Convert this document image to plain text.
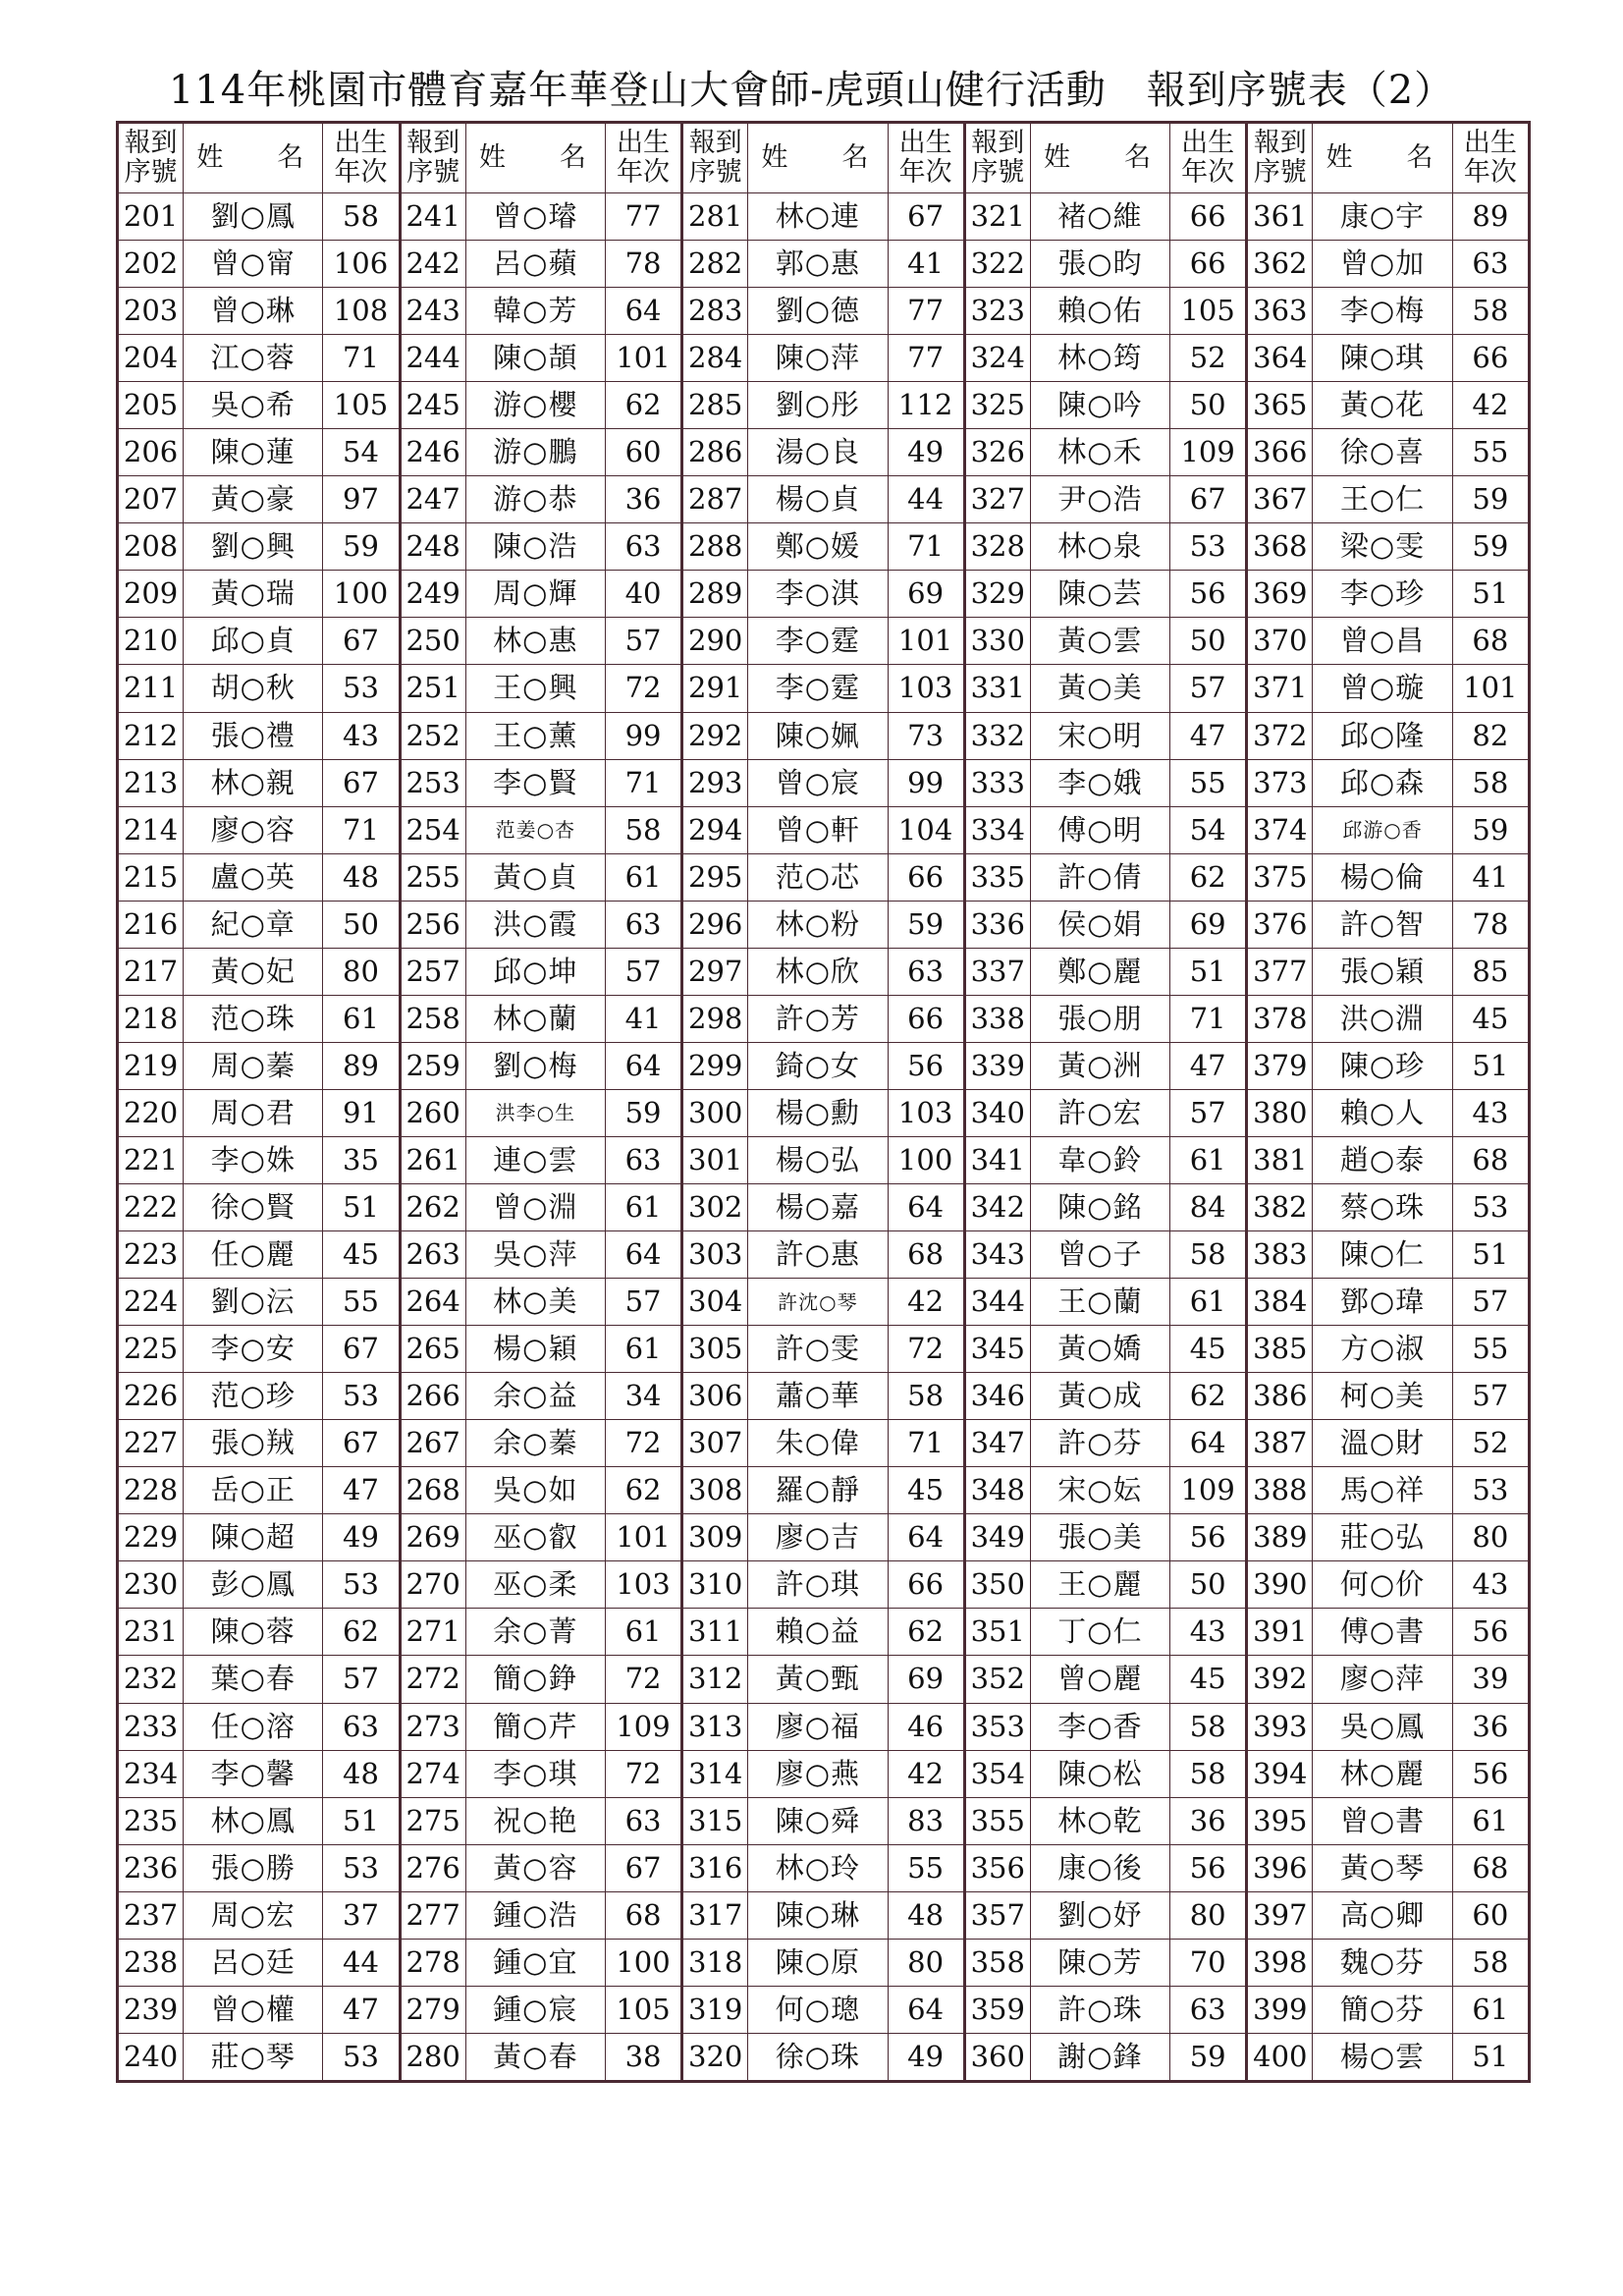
114年桃園市體育嘉年華登山大會師-虎頭山健行活動　報到序號表（2）
報到序號	姓　名	出生年次	報到序號	姓　名	出生年次	報到序號	姓　名	出生年次	報到序號	姓　名	出生年次	報到序號	姓　名	出生年次
201	劉○鳳	58	241	曾○璿	77	281	林○連	67	321	褚○維	66	361	康○宇	89
202	曾○甯	106	242	呂○蘋	78	282	郭○惠	41	322	張○昀	66	362	曾○加	63
203	曾○琳	108	243	韓○芳	64	283	劉○德	77	323	賴○佑	105	363	李○梅	58
204	江○蓉	71	244	陳○頡	101	284	陳○萍	77	324	林○筠	52	364	陳○琪	66
205	吳○希	105	245	游○櫻	62	285	劉○彤	112	325	陳○吟	50	365	黃○花	42
206	陳○蓮	54	246	游○鵬	60	286	湯○良	49	326	林○禾	109	366	徐○喜	55
207	黃○豪	97	247	游○恭	36	287	楊○貞	44	327	尹○浩	67	367	王○仁	59
208	劉○興	59	248	陳○浩	63	288	鄭○媛	71	328	林○泉	53	368	梁○雯	59
209	黃○瑞	100	249	周○輝	40	289	李○淇	69	329	陳○芸	56	369	李○珍	51
210	邱○貞	67	250	林○惠	57	290	李○霆	101	330	黃○雲	50	370	曾○昌	68
211	胡○秋	53	251	王○興	72	291	李○霆	103	331	黃○美	57	371	曾○璇	101
212	張○禮	43	252	王○薰	99	292	陳○姵	73	332	宋○明	47	372	邱○隆	82
213	林○親	67	253	李○賢	71	293	曾○宸	99	333	李○娥	55	373	邱○森	58
214	廖○容	71	254	范姜○杏	58	294	曾○軒	104	334	傅○明	54	374	邱游○香	59
215	盧○英	48	255	黃○貞	61	295	范○芯	66	335	許○倩	62	375	楊○倫	41
216	紀○章	50	256	洪○霞	63	296	林○粉	59	336	侯○娟	69	376	許○智	78
217	黃○妃	80	257	邱○坤	57	297	林○欣	63	337	鄭○麗	51	377	張○穎	85
218	范○珠	61	258	林○蘭	41	298	許○芳	66	338	張○朋	71	378	洪○淵	45
219	周○蓁	89	259	劉○梅	64	299	錡○女	56	339	黃○洲	47	379	陳○珍	51
220	周○君	91	260	洪李○生	59	300	楊○勳	103	340	許○宏	57	380	賴○人	43
221	李○姝	35	261	連○雲	63	301	楊○弘	100	341	韋○鈴	61	381	趙○泰	68
222	徐○賢	51	262	曾○淵	61	302	楊○嘉	64	342	陳○銘	84	382	蔡○珠	53
223	任○麗	45	263	吳○萍	64	303	許○惠	68	343	曾○子	58	383	陳○仁	51
224	劉○沄	55	264	林○美	57	304	許沈○琴	42	344	王○蘭	61	384	鄧○瑋	57
225	李○安	67	265	楊○穎	61	305	許○雯	72	345	黃○嬌	45	385	方○淑	55
226	范○珍	53	266	余○益	34	306	蕭○華	58	346	黃○成	62	386	柯○美	57
227	張○羢	67	267	余○蓁	72	307	朱○偉	71	347	許○芬	64	387	溫○財	52
228	岳○正	47	268	吳○如	62	308	羅○靜	45	348	宋○妘	109	388	馬○祥	53
229	陳○超	49	269	巫○叡	101	309	廖○吉	64	349	張○美	56	389	莊○弘	80
230	彭○鳳	53	270	巫○柔	103	310	許○琪	66	350	王○麗	50	390	何○价	43
231	陳○蓉	62	271	余○菁	61	311	賴○益	62	351	丁○仁	43	391	傅○書	56
232	葉○春	57	272	簡○錚	72	312	黃○甄	69	352	曾○麗	45	392	廖○萍	39
233	任○溶	63	273	簡○芹	109	313	廖○福	46	353	李○香	58	393	吳○鳳	36
234	李○馨	48	274	李○琪	72	314	廖○燕	42	354	陳○松	58	394	林○麗	56
235	林○鳳	51	275	祝○艳	63	315	陳○舜	83	355	林○乾	36	395	曾○書	61
236	張○勝	53	276	黃○容	67	316	林○玲	55	356	康○後	56	396	黃○琴	68
237	周○宏	37	277	鍾○浩	68	317	陳○琳	48	357	劉○妤	80	397	高○卿	60
238	呂○廷	44	278	鍾○宜	100	318	陳○原	80	358	陳○芳	70	398	魏○芬	58
239	曾○權	47	279	鍾○宸	105	319	何○璁	64	359	許○珠	63	399	簡○芬	61
240	莊○琴	53	280	黃○春	38	320	徐○珠	49	360	謝○鋒	59	400	楊○雲	51
